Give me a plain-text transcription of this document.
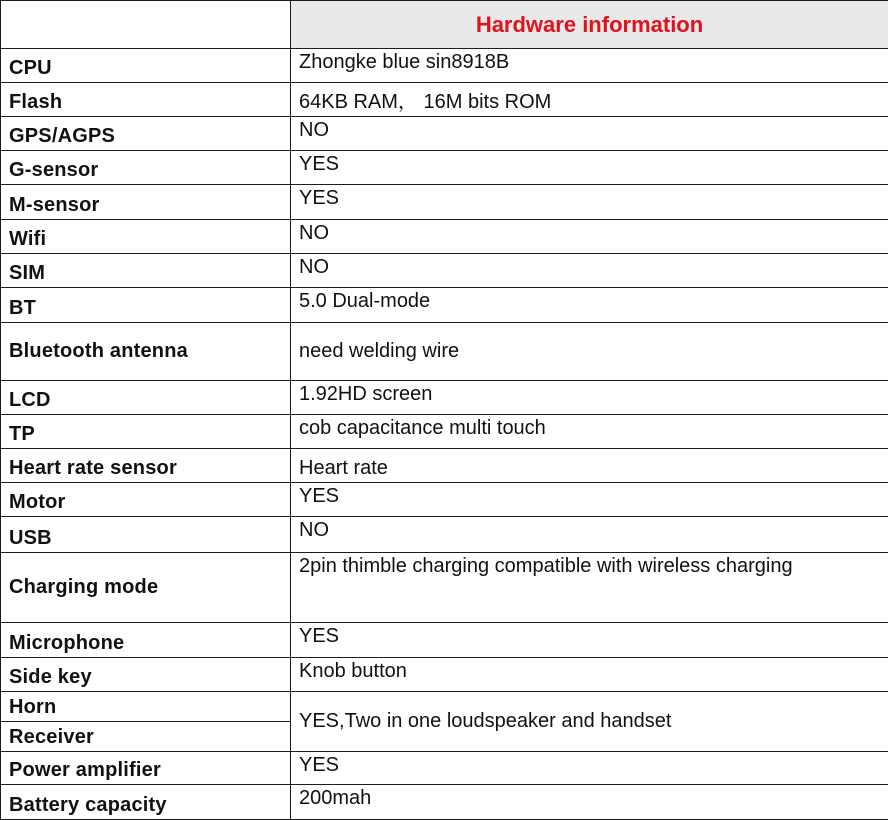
	Hardware information
CPU	Zhongke blue sin8918B
Flash	64KB RAM， 16M bits ROM
GPS/AGPS	NO
G-sensor	YES
M-sensor	YES
Wifi	NO
SIM	NO
BT	5.0 Dual-mode
Bluetooth antenna	need welding wire
LCD	1.92HD screen
TP	cob capacitance multi touch
Heart rate sensor	Heart rate
Motor	YES
USB	NO
Charging mode	2pin thimble charging compatible with wireless charging
Microphone	YES
Side key	Knob button
Horn	YES,Two in one loudspeaker and handset
Receiver	
Power amplifier	YES
Battery capacity	200mah
